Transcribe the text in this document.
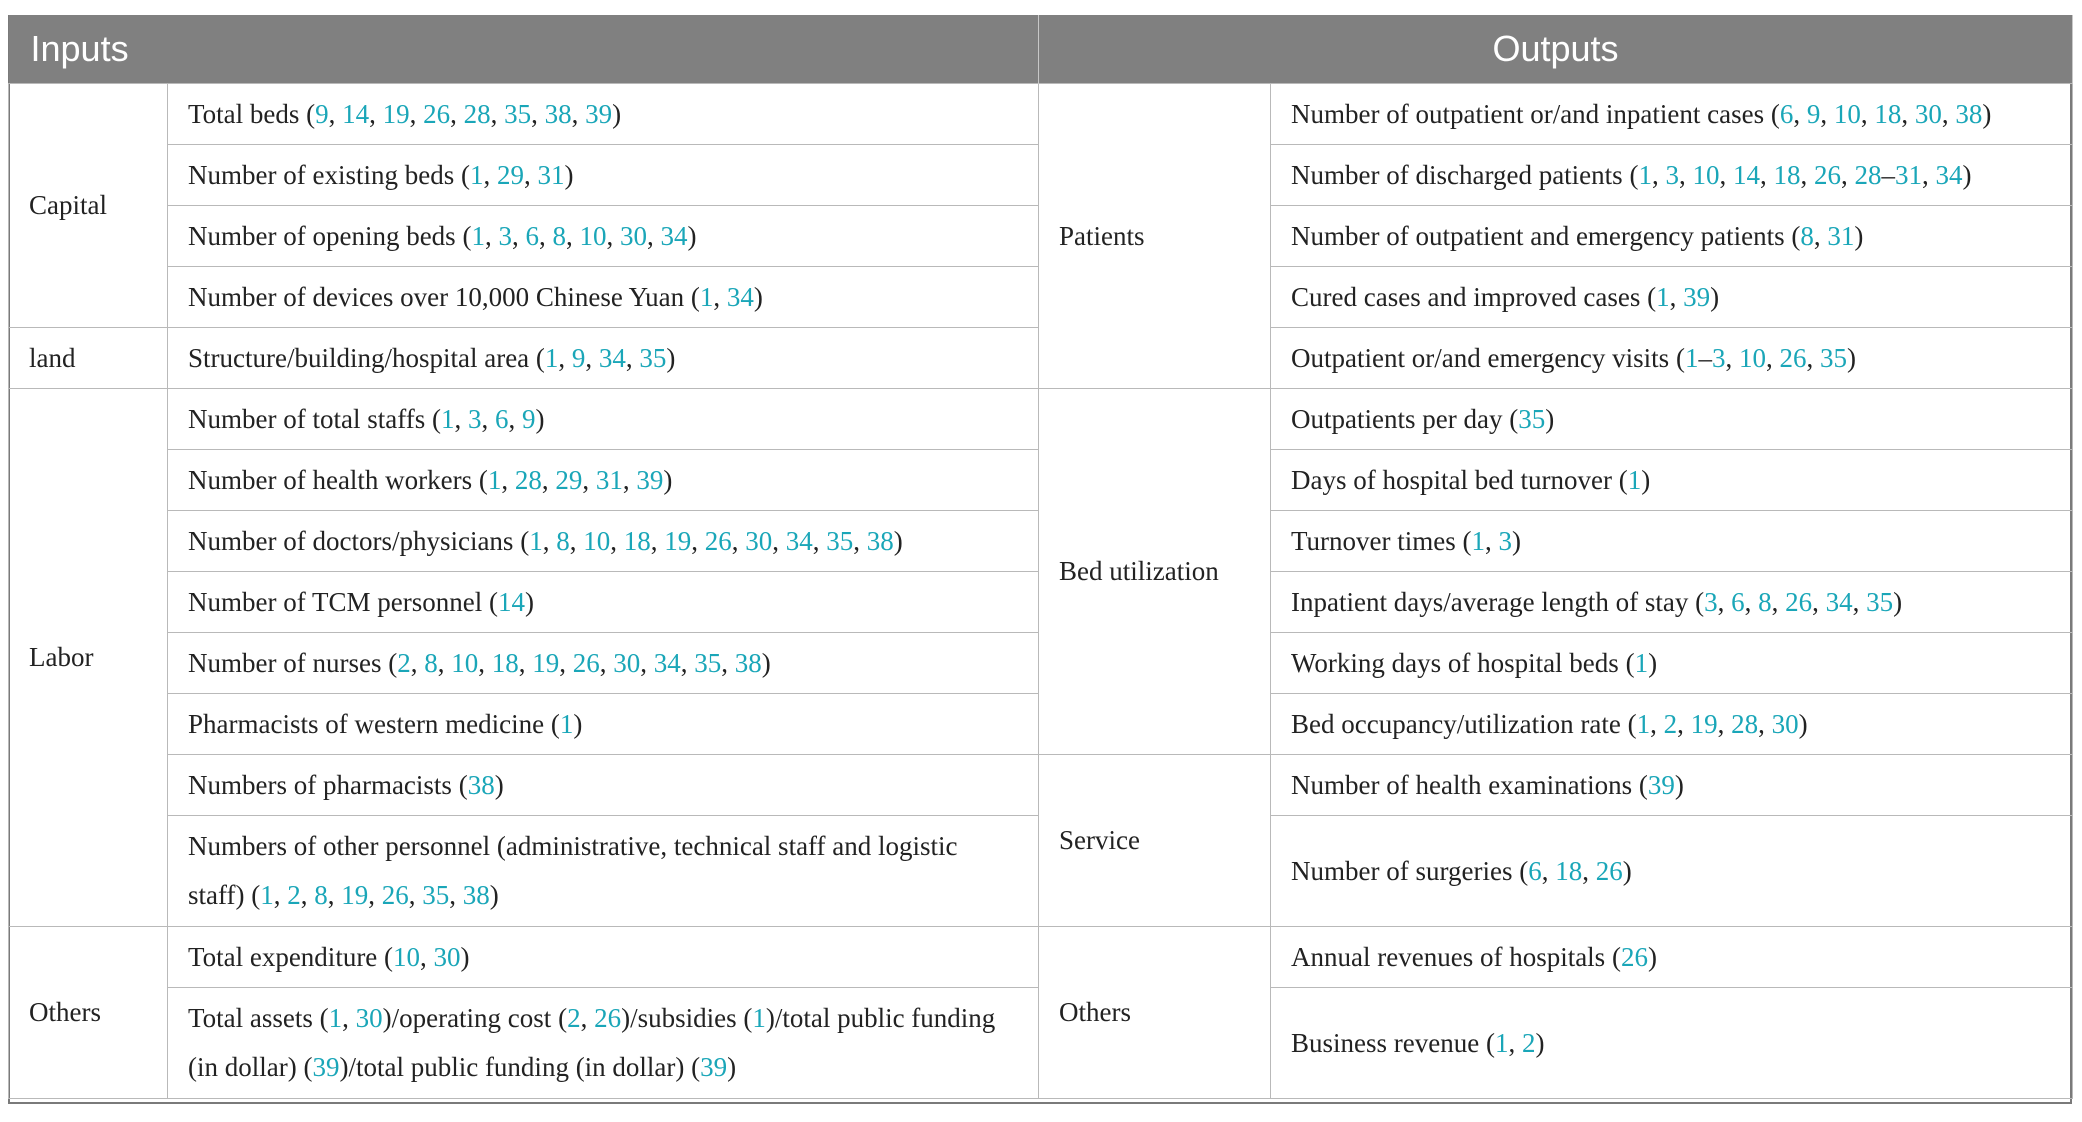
Inputs		Outputs	
Capital	Total beds (9, 14, 19, 26, 28, 35, 38, 39)	Patients	Number of outpatient or/and inpatient cases (6, 9, 10, 18, 30, 38)
	Number of existing beds (1, 29, 31)		Number of discharged patients (1, 3, 10, 14, 18, 26, 28–31, 34)
	Number of opening beds (1, 3, 6, 8, 10, 30, 34)		Number of outpatient and emergency patients (8, 31)
	Number of devices over 10,000 Chinese Yuan (1, 34)		Cured cases and improved cases (1, 39)
land	Structure/building/hospital area (1, 9, 34, 35)		Outpatient or/and emergency visits (1–3, 10, 26, 35)
Labor	Number of total staffs (1, 3, 6, 9)	Bed utilization	Outpatients per day (35)
	Number of health workers (1, 28, 29, 31, 39)		Days of hospital bed turnover (1)
	Number of doctors/physicians (1, 8, 10, 18, 19, 26, 30, 34, 35, 38)		Turnover times (1, 3)
	Number of TCM personnel (14)		Inpatient days/average length of stay (3, 6, 8, 26, 34, 35)
	Number of nurses (2, 8, 10, 18, 19, 26, 30, 34, 35, 38)		Working days of hospital beds (1)
	Pharmacists of western medicine (1)		Bed occupancy/utilization rate (1, 2, 19, 28, 30)
	Numbers of pharmacists (38)	Service	Number of health examinations (39)
	Numbers of other personnel (administrative, technical staff and logistic staff) (1, 2, 8, 19, 26, 35, 38)		Number of surgeries (6, 18, 26)
Others	Total expenditure (10, 30)	Others	Annual revenues of hospitals (26)
	Total assets (1, 30)/operating cost (2, 26)/subsidies (1)/total public funding (in dollar) (39)/total public funding (in dollar) (39)		Business revenue (1, 2)
